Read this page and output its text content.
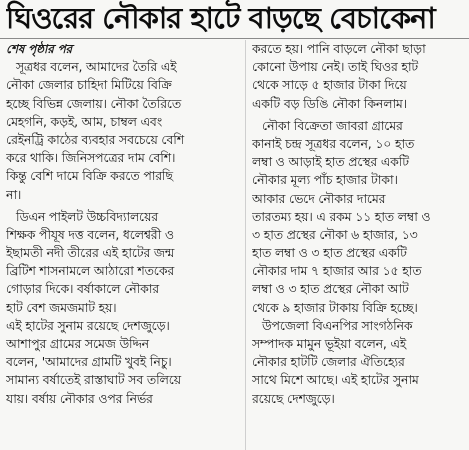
ঘিওরের নৌকার হাটে বাড়ছে বেচাকেনা
শেষ পৃষ্ঠার পর
সূত্রধর বলেন, আমাদের তৈরি এই
নৌকা জেলার চাহিদা মিটিয়ে বিক্রি
হচ্ছে বিভিন্ন জেলায়। নৌকা তৈরিতে
মেহগনি, কড়ই, আম, চাম্বল এবং
রেইনট্রি কাঠের ব্যবহার সবচেয়ে বেশি
করে থাকি। জিনিসপত্রের দাম বেশি।
কিন্তু বেশি দামে বিক্রি করতে পারছি
না।
ডিএন পাইলট উচ্চবিদ্যালয়ের
শিক্ষক পীযূষ দত্ত বলেন, ধলেশ্বরী ও
ইছামতী নদী তীরের এই হাটের জন্ম
ব্রিটিশ শাসনামলে আঠারো শতকের
গোড়ার দিকে। বর্ষাকালে নৌকার
হাট বেশ জমজমাট হয়।
এই হাটের সুনাম রয়েছে দেশজুড়ে।
আশাপুর গ্রামের সমেজ উদ্দিন
বলেন, 'আমাদের গ্রামটি খুবই নিচু।
সামান্য বর্ষাতেই রাস্তাঘাট সব তলিয়ে
যায়। বর্ষায় নৌকার ওপর নির্ভর
করতে হয়। পানি বাড়লে নৌকা ছাড়া
কোনো উপায় নেই। তাই ঘিওর হাট
থেকে সাড়ে ৫ হাজার টাকা দিয়ে
একটি বড় ডিঙি নৌকা কিনলাম।
নৌকা বিক্রেতা জাবরা গ্রামের
কানাই চন্দ্র সূত্রধর বলেন, ১০ হাত
লম্বা ও আড়াই হাত প্রস্থের একটি
নৌকার মূল্য পাঁচ হাজার টাকা।
আকার ভেদে নৌকার দামের
তারতম্য হয়। এ রকম ১১ হাত লম্বা ও
৩ হাত প্রস্থের নৌকা ৬ হাজার, ১৩
হাত লম্বা ও ৩ হাত প্রস্থের একটি
নৌকার দাম ৭ হাজার আর ১৫ হাত
লম্বা ও ৩ হাত প্রস্থের নৌকা আট
থেকে ৯ হাজার টাকায় বিক্রি হচ্ছে।
উপজেলা বিএনপির সাংগঠনিক
সম্পাদক মামুন ভূইয়া বলেন, এই
নৌকার হাটটি জেলার ঐতিহ্যের
সাথে মিশে আছে। এই হাটের সুনাম
রয়েছে দেশজুড়ে।
